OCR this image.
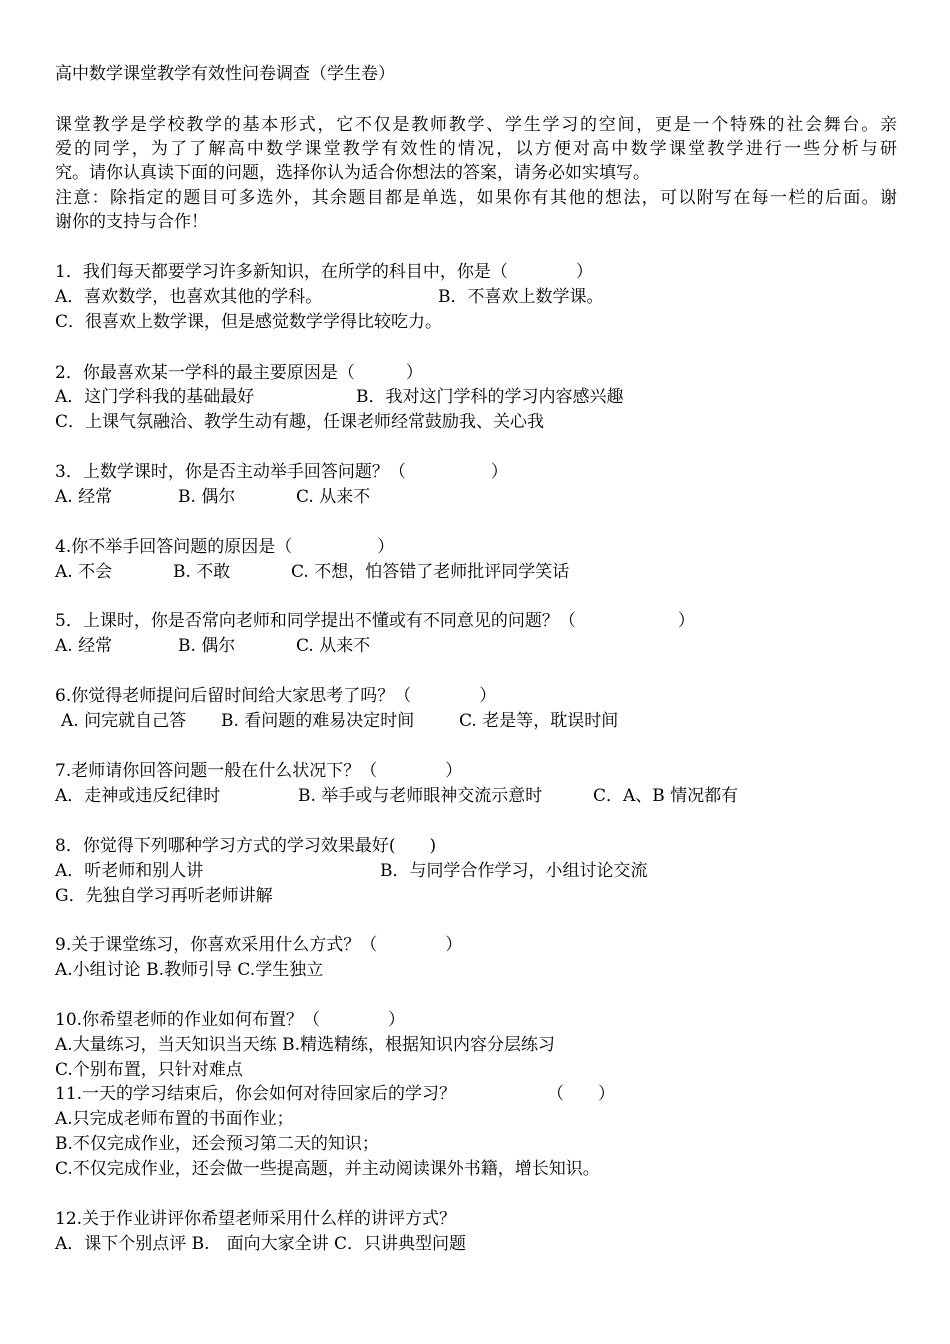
高中数学课堂教学有效性问卷调查（学生卷）
课堂教学是学校教学的基本形式，它不仅是教师教学、学生学习的空间，更是一个特殊的社会舞台。亲
爱的同学，为了了解高中数学课堂教学有效性的情况，以方便对高中数学课堂教学进行一些分析与研
究。请你认真读下面的问题，选择你认为适合你想法的答案，请务必如实填写。
注意：除指定的题目可多选外，其余题目都是单选，如果你有其他的想法，可以附写在每一栏的后面。谢
谢你的支持与合作！
1．我们每天都要学习许多新知识，在所学的科目中，你是（　　　　）

A．喜欢数学，也喜欢其他的学科。

	B．不喜欢上数学课。

C．很喜欢上数学课，但是感觉数学学得比较吃力。
2．你最喜欢某一学科的最主要原因是（　　　）

A．这门学科我的基础最好

	B．我对这门学科的学习内容感兴趣

C．上课气氛融洽、教学生动有趣，任课老师经常鼓励我、关心我
3．上数学课时，你是否主动举手回答问题？（　　　　　）

A. 经常

	B. 偶尔

	C. 从来不

4.你不举手回答问题的原因是（　　　　　）

A. 不会

	B. 不敢

	C. 不想，怕答错了老师批评同学笑话

5．上课时，你是否常向老师和同学提出不懂或有不同意见的问题？（　　　　　　）

A. 经常

	B. 偶尔

	C. 从来不

6.你觉得老师提问后留时间给大家思考了吗？（　　　　）

A. 问完就自己答

B. 看问题的难易决定时间

	C. 老是等，耽误时间

7.老师请你回答问题一般在什么状况下？（　　　　）

A．走神或违反纪律时

	B. 举手或与老师眼神交流示意时

	C．A、B 情况都有

8．你觉得下列哪种学习方式的学习效果最好(　　)

A．听老师和别人讲

	B．与同学合作学习，小组讨论交流

G．先独自学习再听老师讲解
9.关于课堂练习，你喜欢采用什么方式？（　　　　）
A.小组讨论 B.教师引导 C.学生独立
10.你希望老师的作业如何布置？（　　　　）
A.大量练习，当天知识当天练 B.精选精练，根据知识内容分层练习
C.个别布置，只针对难点

11.一天的学习结束后，你会如何对待回家后的学习？

	（　　）

A.只完成老师布置的书面作业；
B.不仅完成作业，还会预习第二天的知识；
C.不仅完成作业，还会做一些提高题，并主动阅读课外书籍，增长知识。
12.关于作业讲评你希望老师采用什么样的讲评方式？
A．课下个别点评 B.　面向大家全讲 C．只讲典型问题
